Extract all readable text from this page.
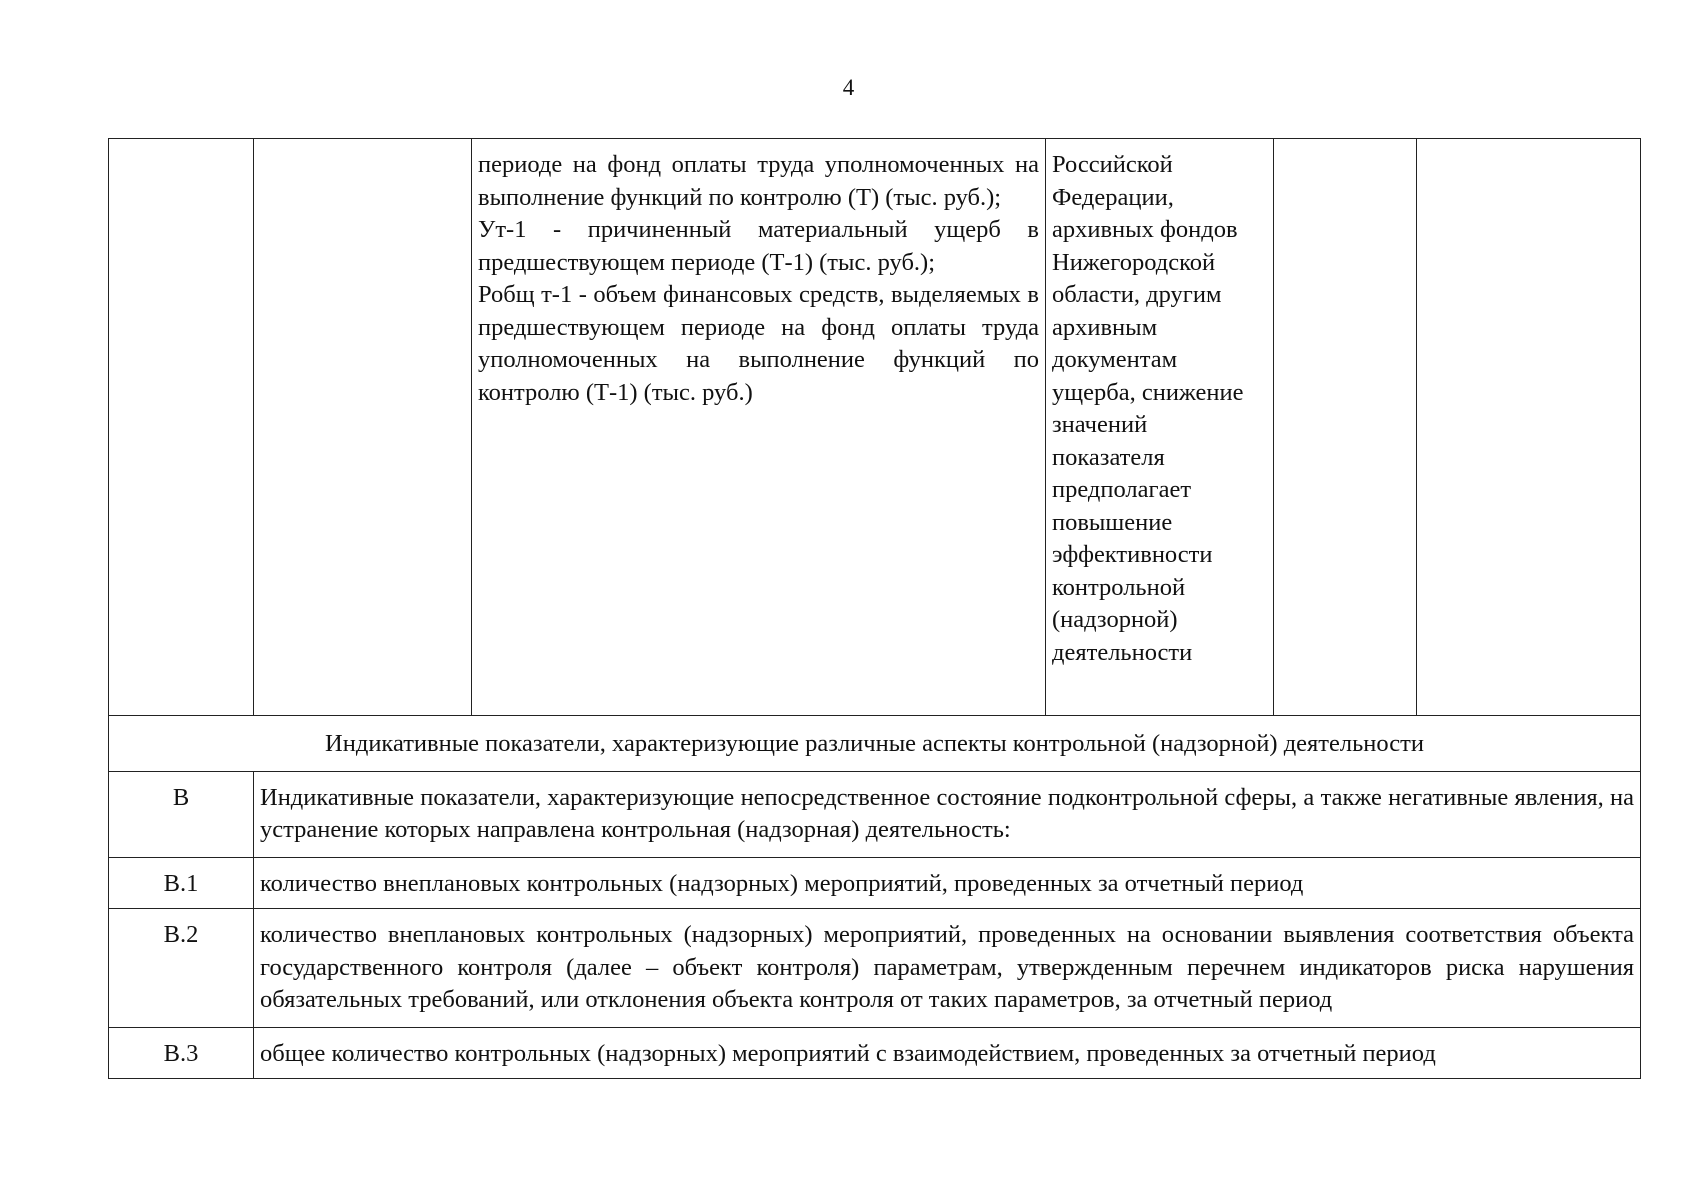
4

		периоде на фонд оплаты труда уполномоченных на выполнение функций по контролю (Т) (тыс. руб.);
Ут-1 - причиненный материальный ущерб в предшествующем периоде (Т-1) (тыс. руб.);
Робщ т-1 - объем финансовых средств, выделяемых в предшествующем периоде на фонд оплаты труда уполномоченных на выполнение функций по контролю (Т-1) (тыс. руб.)	Российской Федерации, архивных фондов Нижегородской области, другим архивным документам ущерба, снижение значений показателя предполагает повышение эффективности контрольной (надзорной) деятельности		
Индикативные показатели, характеризующие различные аспекты контрольной (надзорной) деятельности					
В	Индикативные показатели, характеризующие непосредственное состояние подконтрольной сферы, а также негативные явления, на устранение которых направлена контрольная (надзорная) деятельность:				
В.1	количество внеплановых контрольных (надзорных) мероприятий, проведенных за отчетный период				
В.2	количество внеплановых контрольных (надзорных) мероприятий, проведенных на основании выявления соответствия объекта государственного контроля (далее – объект контроля) параметрам, утвержденным перечнем индикаторов риска нарушения обязательных требований, или отклонения объекта контроля от таких параметров, за отчетный период				
В.3	общее количество контрольных (надзорных) мероприятий с взаимодействием, проведенных за отчетный период				
